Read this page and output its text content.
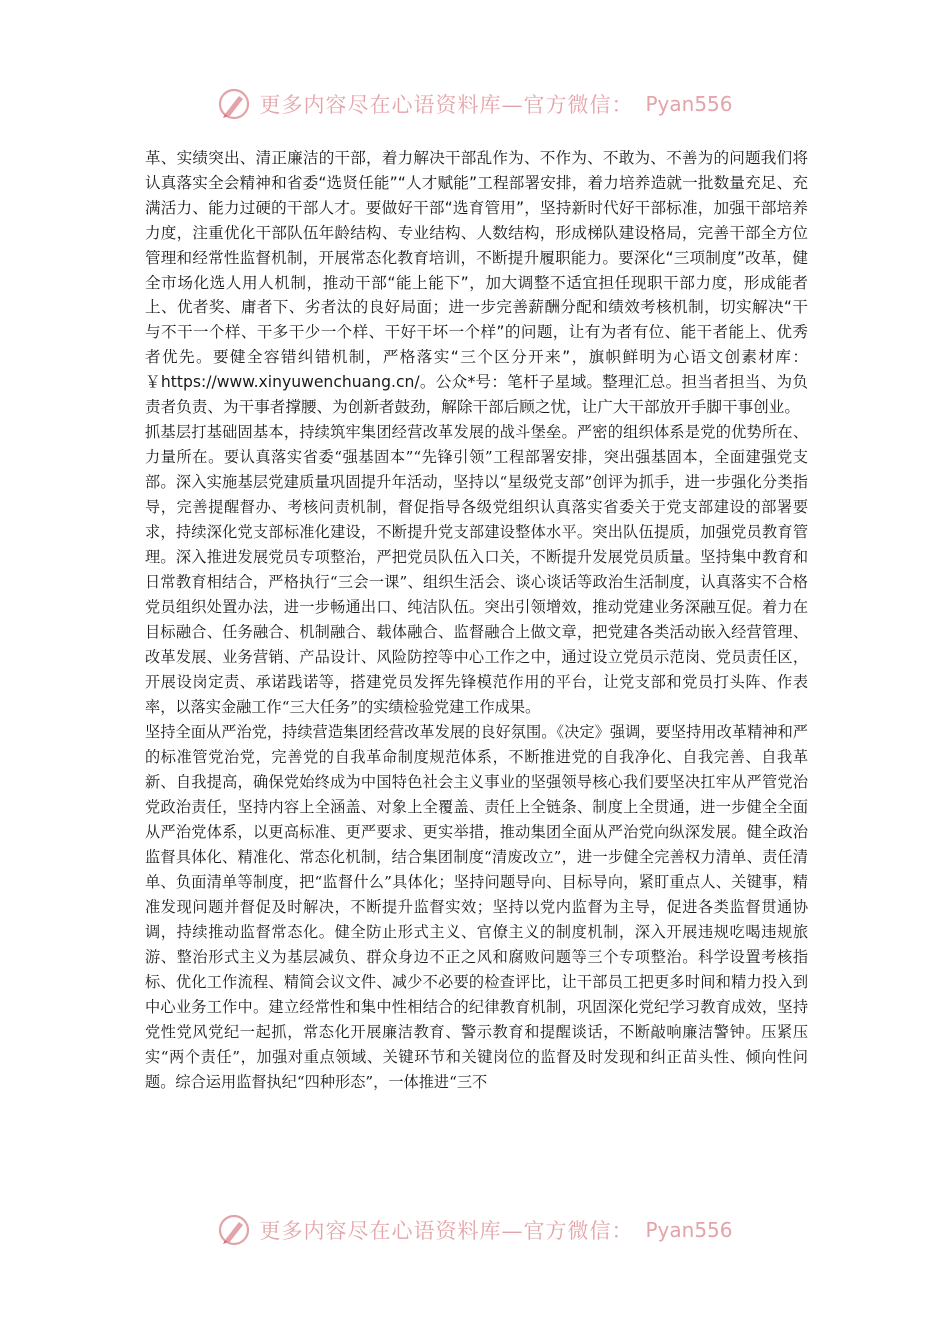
更多内容尽在心语资料库—官方微信： Pyan556

革、实绩突出、清正廉洁的干部，着力解决干部乱作为、不作为、不敢为、不善为的问题我们将认真落实全会精神和省委“选贤任能”“人才赋能”工程部署安排，着力培养造就一批数量充足、充满活力、能力过硬的干部人才。要做好干部“选育管用”，坚持新时代好干部标准，加强干部培养力度，注重优化干部队伍年龄结构、专业结构、人数结构，形成梯队建设格局，完善干部全方位管理和经常性监督机制，开展常态化教育培训，不断提升履职能力。要深化“三项制度”改革，健全市场化选人用人机制，推动干部“能上能下”，加大调整不适宜担任现职干部力度，形成能者上、优者奖、庸者下、劣者汰的良好局面；进一步完善薪酬分配和绩效考核机制，切实解决“干与不干一个样、干多干少一个样、干好干坏一个样”的问题，让有为者有位、能干者能上、优秀者优先。要健全容错纠错机制，严格落实“三个区分开来”，旗帜鲜明为心语文创素材库：￥https://www.xinyuwenchuang.cn/。公众*号：笔杆子星域。整理汇总。担当者担当、为负责者负责、为干事者撑腰、为创新者鼓劲，解除干部后顾之忧，让广大干部放开手脚干事创业。

抓基层打基础固基本，持续筑牢集团经营改革发展的战斗堡垒。严密的组织体系是党的优势所在、力量所在。要认真落实省委“强基固本”“先锋引领”工程部署安排，突出强基固本，全面建强党支部。深入实施基层党建质量巩固提升年活动，坚持以“星级党支部”创评为抓手，进一步强化分类指导，完善提醒督办、考核问责机制，督促指导各级党组织认真落实省委关于党支部建设的部署要求，持续深化党支部标准化建设，不断提升党支部建设整体水平。突出队伍提质，加强党员教育管理。深入推进发展党员专项整治，严把党员队伍入口关，不断提升发展党员质量。坚持集中教育和日常教育相结合，严格执行“三会一课”、组织生活会、谈心谈话等政治生活制度，认真落实不合格党员组织处置办法，进一步畅通出口、纯洁队伍。突出引领增效，推动党建业务深融互促。着力在目标融合、任务融合、机制融合、载体融合、监督融合上做文章，把党建各类活动嵌入经营管理、改革发展、业务营销、产品设计、风险防控等中心工作之中，通过设立党员示范岗、党员责任区，开展设岗定责、承诺践诺等，搭建党员发挥先锋模范作用的平台，让党支部和党员打头阵、作表率，以落实金融工作“三大任务”的实绩检验党建工作成果。

坚持全面从严治党，持续营造集团经营改革发展的良好氛围。《决定》强调，要坚持用改革精神和严的标准管党治党，完善党的自我革命制度规范体系，不断推进党的自我净化、自我完善、自我革新、自我提高，确保党始终成为中国特色社会主义事业的坚强领导核心我们要坚决扛牢从严管党治党政治责任，坚持内容上全涵盖、对象上全覆盖、责任上全链条、制度上全贯通，进一步健全全面从严治党体系，以更高标准、更严要求、更实举措，推动集团全面从严治党向纵深发展。健全政治监督具体化、精准化、常态化机制，结合集团制度“清废改立”，进一步健全完善权力清单、责任清单、负面清单等制度，把“监督什么”具体化；坚持问题导向、目标导向，紧盯重点人、关键事，精准发现问题并督促及时解决，不断提升监督实效；坚持以党内监督为主导，促进各类监督贯通协调，持续推动监督常态化。健全防止形式主义、官僚主义的制度机制，深入开展违规吃喝违规旅游、整治形式主义为基层减负、群众身边不正之风和腐败问题等三个专项整治。科学设置考核指标、优化工作流程、精简会议文件、减少不必要的检查评比，让干部员工把更多时间和精力投入到中心业务工作中。建立经常性和集中性相结合的纪律教育机制，巩固深化党纪学习教育成效，坚持党性党风党纪一起抓，常态化开展廉洁教育、警示教育和提醒谈话，不断敲响廉洁警钟。压紧压实“两个责任”，加强对重点领域、关键环节和关键岗位的监督及时发现和纠正苗头性、倾向性问题。综合运用监督执纪“四种形态”，一体推进“三不

更多内容尽在心语资料库—官方微信： Pyan556
